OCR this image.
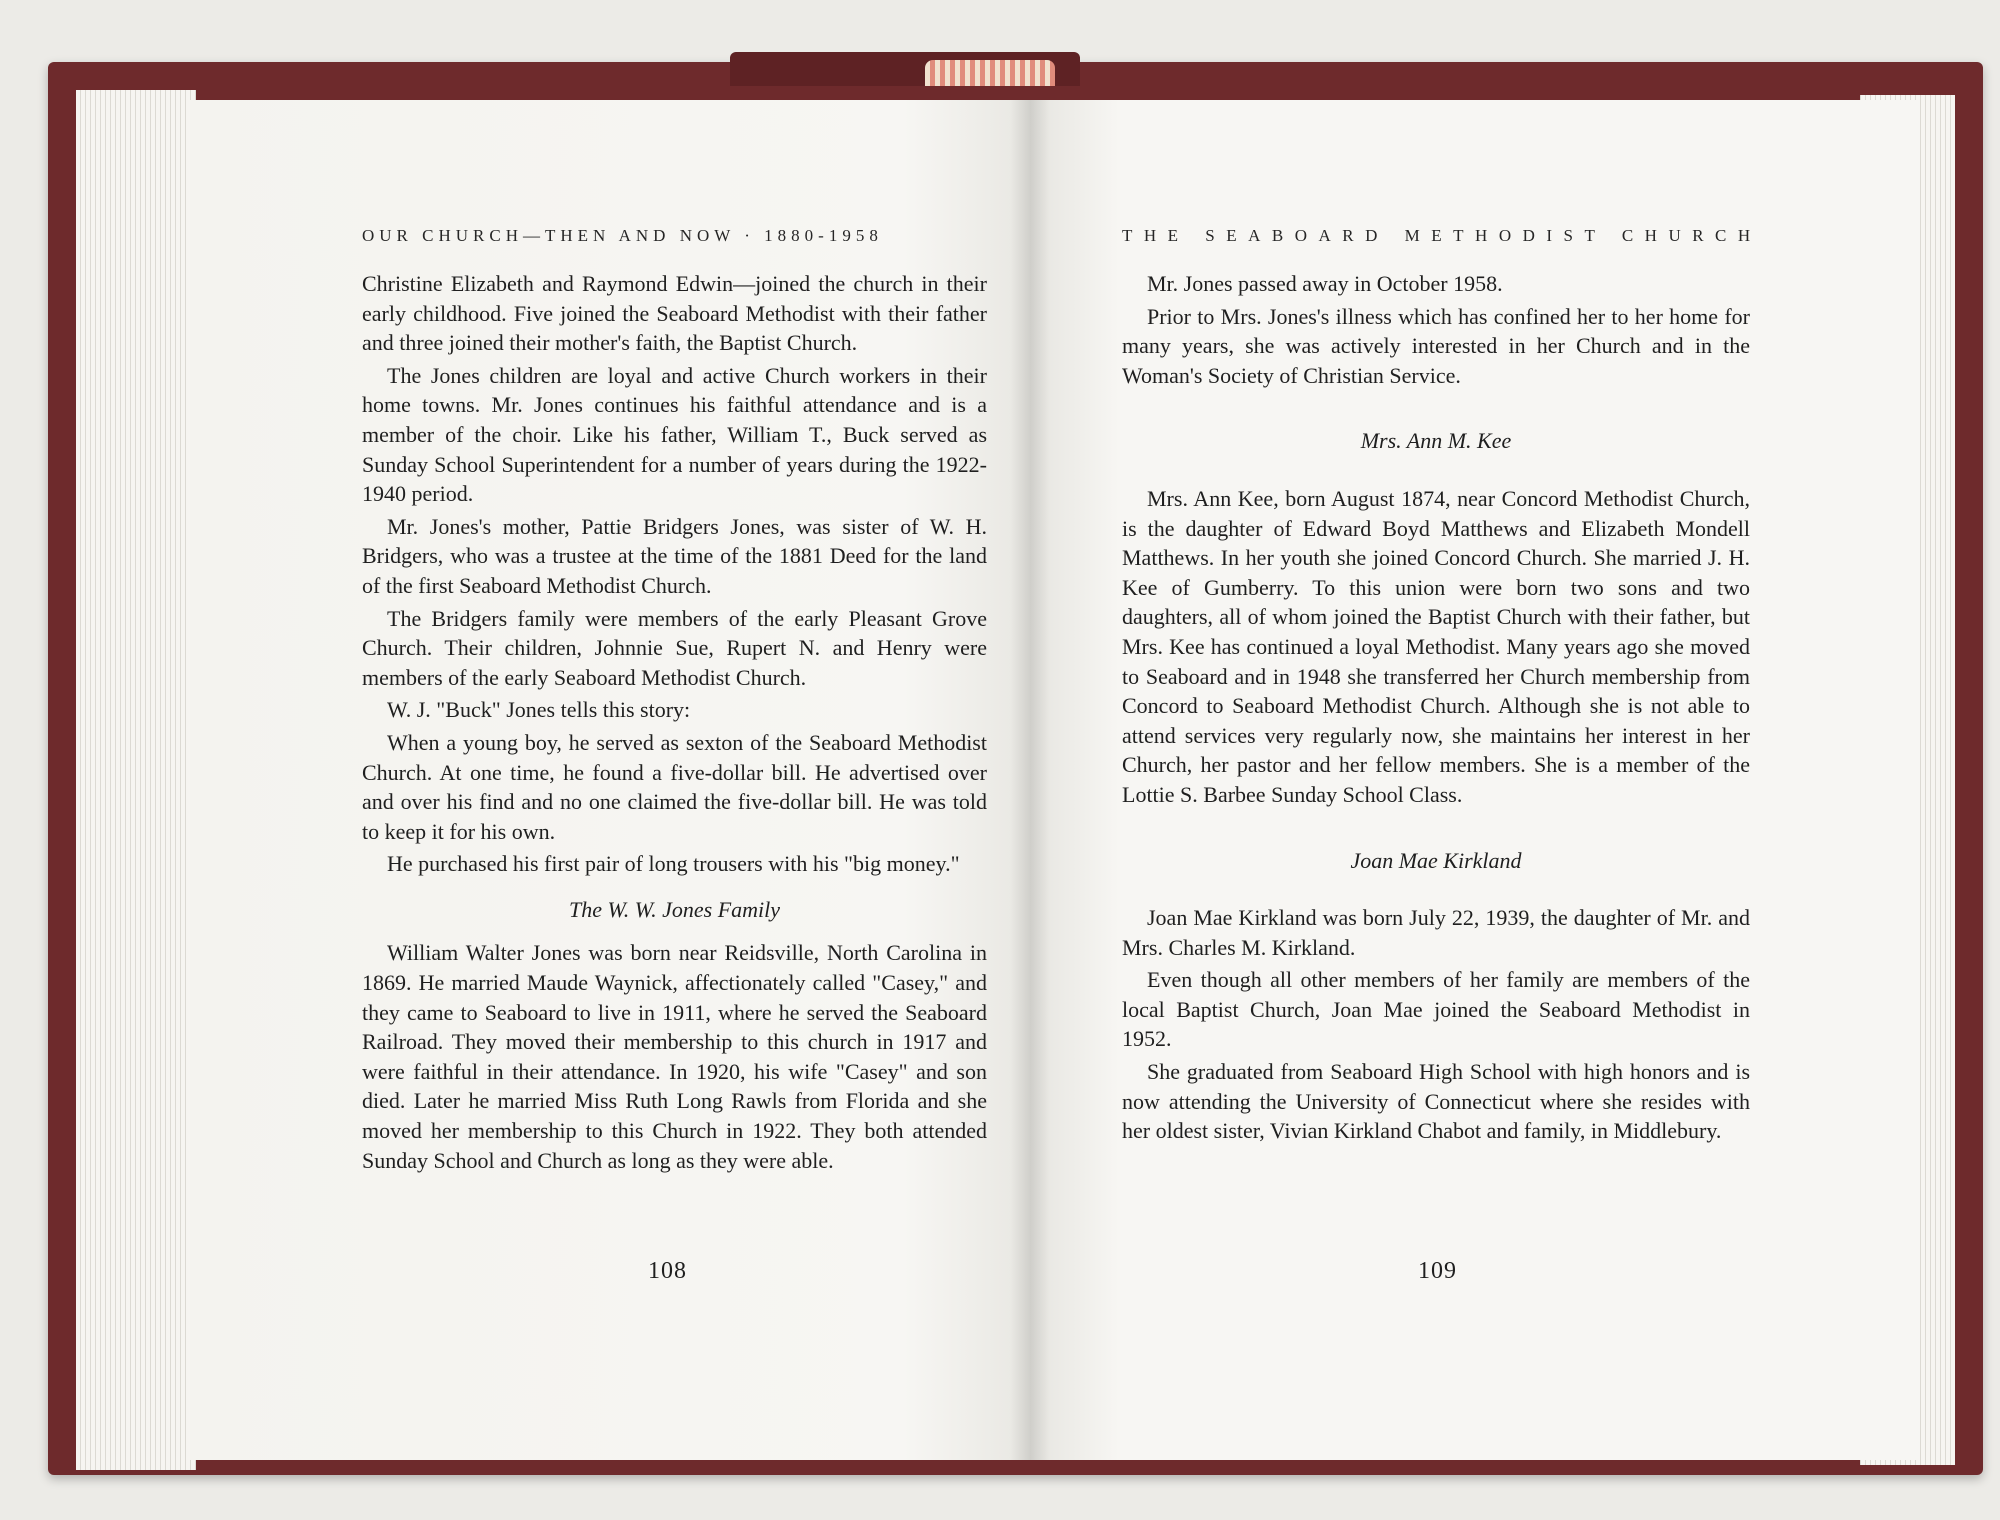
OUR CHURCH—THEN AND NOW · 1880-1958	THE SEABOARD METHODIST CHURCH

Christine Elizabeth and Raymond Edwin—joined the church in their early childhood. Five joined the Seaboard Methodist with their father and three joined their mother's faith, the Baptist Church.

The Jones children are loyal and active Church workers in their home towns. Mr. Jones continues his faithful attendance and is a member of the choir. Like his father, William T., Buck served as Sunday School Superintendent for a number of years during the 1922-1940 period.

Mr. Jones's mother, Pattie Bridgers Jones, was sister of W. H. Bridgers, who was a trustee at the time of the 1881 Deed for the land of the first Seaboard Methodist Church.

The Bridgers family were members of the early Pleasant Grove Church. Their children, Johnnie Sue, Rupert N. and Henry were members of the early Seaboard Methodist Church.

W. J. "Buck" Jones tells this story:

When a young boy, he served as sexton of the Seaboard Methodist Church. At one time, he found a five-dollar bill. He advertised over and over his find and no one claimed the five-dollar bill. He was told to keep it for his own.

He purchased his first pair of long trousers with his "big money."

The W. W. Jones Family

William Walter Jones was born near Reidsville, North Carolina in 1869. He married Maude Waynick, affectionately called "Casey," and they came to Seaboard to live in 1911, where he served the Seaboard Railroad. They moved their membership to this church in 1917 and were faithful in their attendance. In 1920, his wife "Casey" and son died. Later he married Miss Ruth Long Rawls from Florida and she moved her membership to this Church in 1922. They both attended Sunday School and Church as long as they were able.

Mr. Jones passed away in October 1958.

Prior to Mrs. Jones's illness which has confined her to her home for many years, she was actively interested in her Church and in the Woman's Society of Christian Service.

Mrs. Ann M. Kee

Mrs. Ann Kee, born August 1874, near Concord Methodist Church, is the daughter of Edward Boyd Matthews and Elizabeth Mondell Matthews. In her youth she joined Concord Church. She married J. H. Kee of Gumberry. To this union were born two sons and two daughters, all of whom joined the Baptist Church with their father, but Mrs. Kee has continued a loyal Methodist. Many years ago she moved to Seaboard and in 1948 she transferred her Church membership from Concord to Seaboard Methodist Church. Although she is not able to attend services very regularly now, she maintains her interest in her Church, her pastor and her fellow members. She is a member of the Lottie S. Barbee Sunday School Class.

Joan Mae Kirkland

Joan Mae Kirkland was born July 22, 1939, the daughter of Mr. and Mrs. Charles M. Kirkland.

Even though all other members of her family are members of the local Baptist Church, Joan Mae joined the Seaboard Methodist in 1952.

She graduated from Seaboard High School with high honors and is now attending the University of Connecticut where she resides with her oldest sister, Vivian Kirkland Chabot and family, in Middlebury.

108	109
